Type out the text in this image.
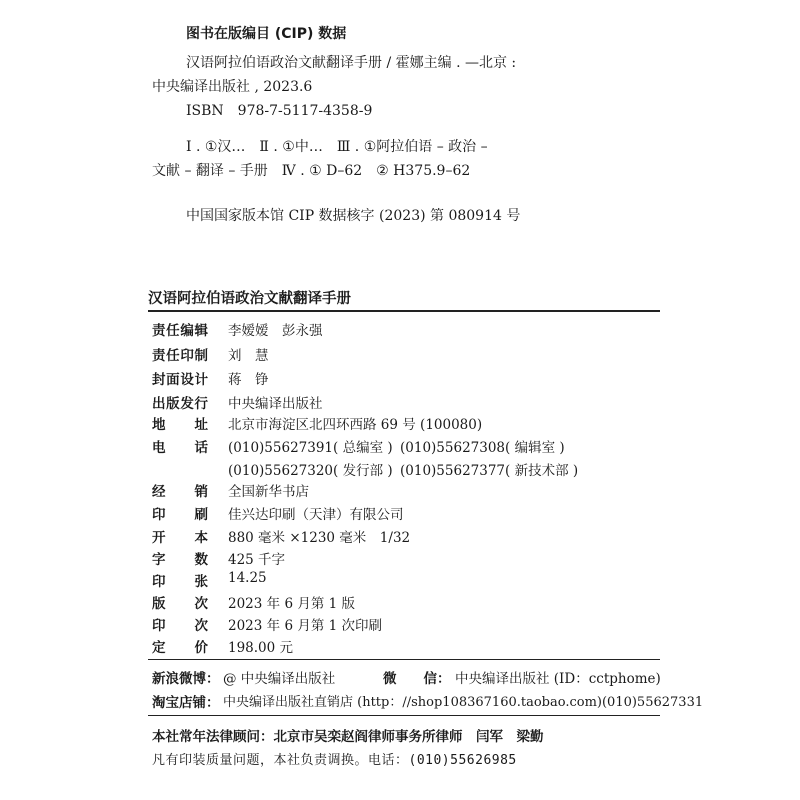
图书在版编目 (CIP) 数据
汉语阿拉伯语政治文献翻译手册 / 霍娜主编 . —北京 :
中央编译出版社 , 2023.6
ISBN　978-7-5117-4358-9
Ⅰ . ①汉…　Ⅱ . ①中…　Ⅲ . ①阿拉伯语 – 政治 –
文献 – 翻译 – 手册　Ⅳ . ① D–62　② H375.9–62
中国国家版本馆 CIP 数据核字 (2023) 第 080914 号
汉语阿拉伯语政治文献翻译手册
责任编辑 李嫒嫒　彭永强
责任印制 刘　慧
封面设计 蒋　铮
出版发行 中央编译出版社
地　　址 北京市海淀区北四环西路 69 号 (100080)
电　　话 (010)55627391( 总编室 ) (010)55627308( 编辑室 )
(010)55627320( 发行部 ) (010)55627377( 新技术部 )
经　　销 全国新华书店
印　　刷 佳兴达印刷（天津）有限公司
开　　本 880 毫米 ×1230 毫米　1/32
字　　数 425 千字
印　　张 14.25
版　　次 2023 年 6 月第 1 版
印　　次 2023 年 6 月第 1 次印刷
定　　价 198.00 元
新浪微博： @ 中央编译出版社	微　　信： 中央编译出版社 (ID：cctphome)
淘宝店铺： 中央编译出版社直销店 (http：//shop108367160.taobao.com)(010)55627331
本社常年法律顾问：北京市吴栾赵阎律师事务所律师　闫军　梁勤
凡有印装质量问题，本社负责调换。电话：(010)55626985
